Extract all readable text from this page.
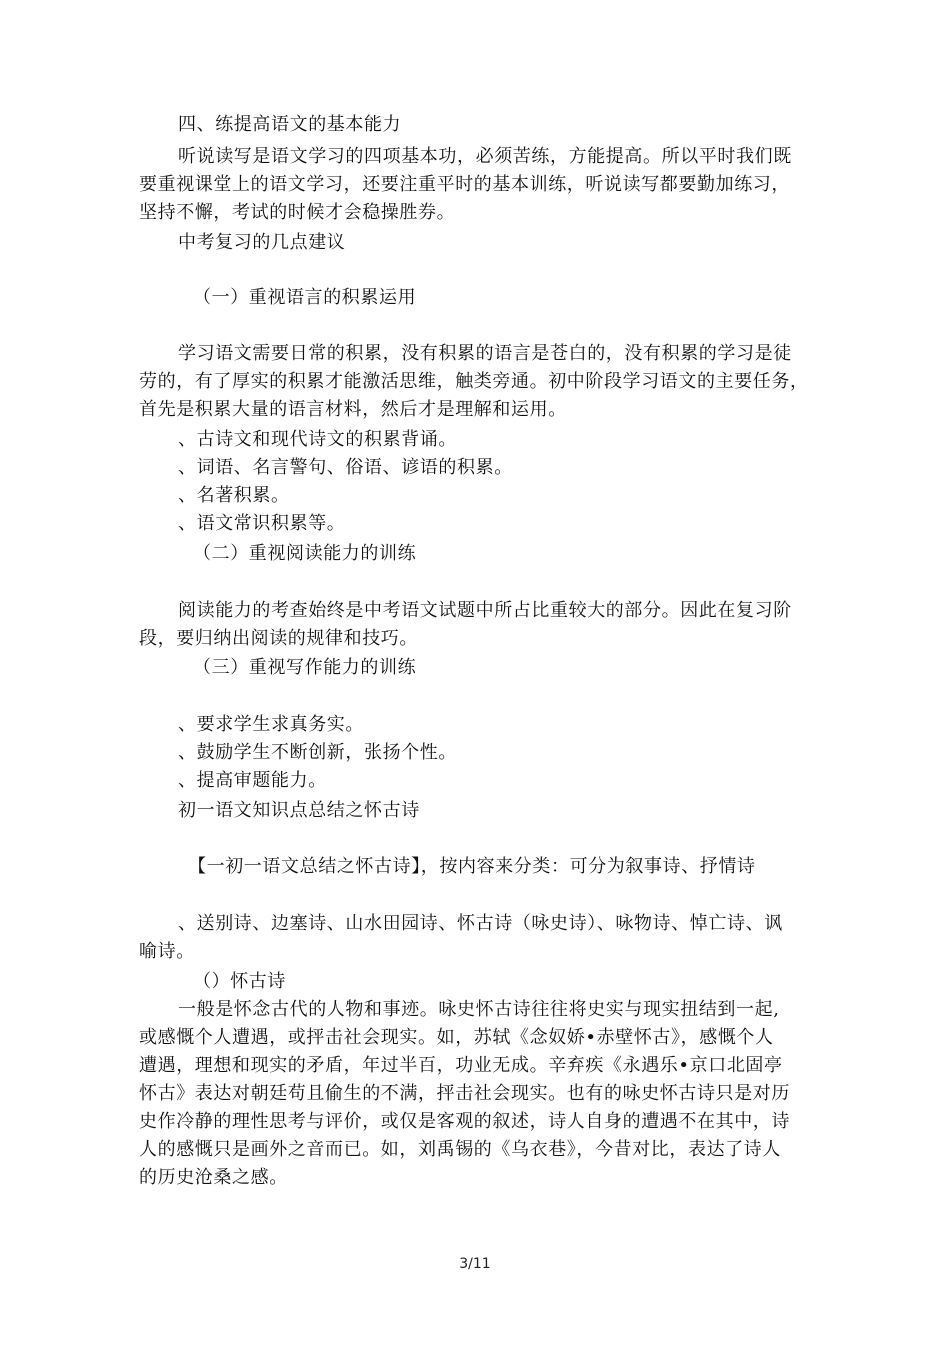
四、练提高语文的基本能力
听说读写是语文学习的四项基本功，必须苦练，方能提高。所以平时我们既
要重视课堂上的语文学习，还要注重平时的基本训练，听说读写都要勤加练习，
坚持不懈，考试的时候才会稳操胜券。
中考复习的几点建议
（一）重视语言的积累运用
学习语文需要日常的积累，没有积累的语言是苍白的，没有积累的学习是徒
劳的，有了厚实的积累才能激活思维，触类旁通。初中阶段学习语文的主要任务，
首先是积累大量的语言材料，然后才是理解和运用。
、古诗文和现代诗文的积累背诵。
、词语、名言警句、俗语、谚语的积累。
、名著积累。
、语文常识积累等。
（二）重视阅读能力的训练
阅读能力的考查始终是中考语文试题中所占比重较大的部分。因此在复习阶
段，要归纳出阅读的规律和技巧。
（三）重视写作能力的训练
、要求学生求真务实。
、鼓励学生不断创新，张扬个性。
、提高审题能力。
初一语文知识点总结之怀古诗
【一初一语文总结之怀古诗】，按内容来分类：可分为叙事诗、抒情诗
、送别诗、边塞诗、山水田园诗、怀古诗（咏史诗）、咏物诗、悼亡诗、讽
喻诗。
（）怀古诗
一般是怀念古代的人物和事迹。咏史怀古诗往往将史实与现实扭结到一起,
或感慨个人遭遇，或抨击社会现实。如，苏轼《念奴娇•赤壁怀古》，感慨个人
遭遇，理想和现实的矛盾，年过半百，功业无成。辛弃疾《永遇乐•京口北固亭
怀古》表达对朝廷苟且偷生的不满，抨击社会现实。也有的咏史怀古诗只是对历
史作冷静的理性思考与评价，或仅是客观的叙述，诗人自身的遭遇不在其中，诗
人的感慨只是画外之音而已。如，刘禹锡的《乌衣巷》，今昔对比，表达了诗人
的历史沧桑之感。
3/11
